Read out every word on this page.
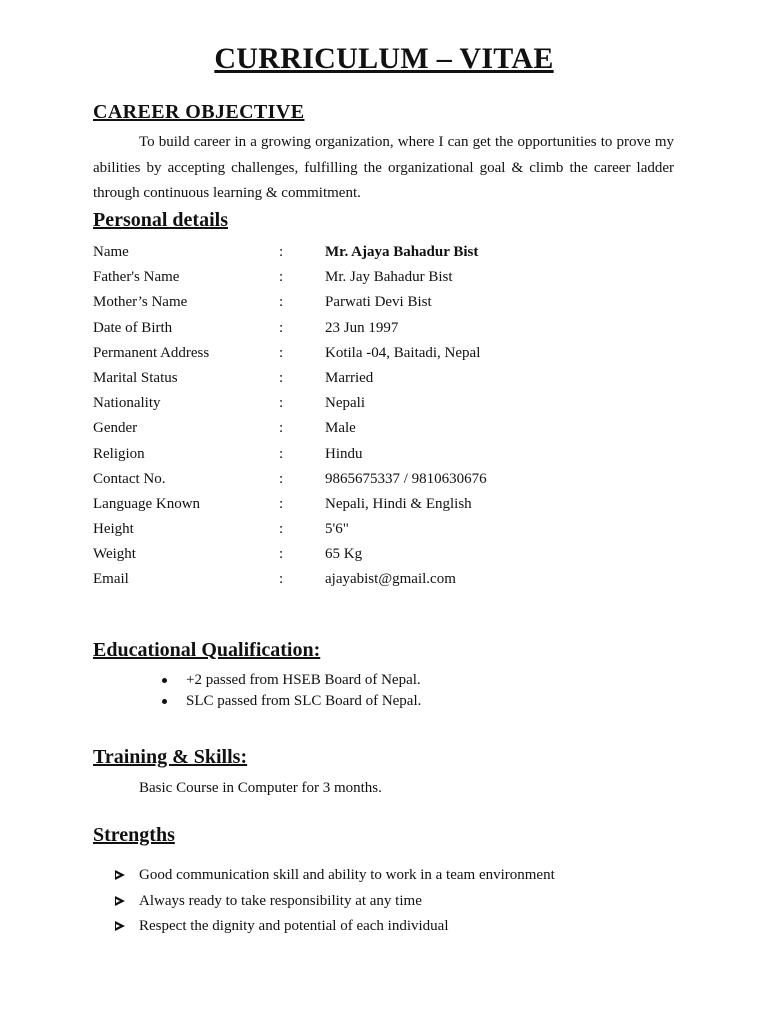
CURRICULUM – VITAE
CAREER OBJECTIVE

To build career in a growing organization, where I can get the opportunities to prove my abilities by accepting challenges, fulfilling the organizational goal & climb the career ladder through continuous learning & commitment.

Personal details
Name	:	Mr. Ajaya Bahadur Bist
Father's Name	:	Mr. Jay Bahadur Bist
Mother’s Name	:	Parwati Devi Bist
Date of Birth	:	23 Jun 1997
Permanent Address	:	Kotila -04, Baitadi, Nepal
Marital Status	:	Married
Nationality	:	Nepali
Gender	:	Male
Religion	:	Hindu
Contact No.	:	9865675337 / 9810630676
Language Known	:	Nepali, Hindi & English
Height	:	5'6"
Weight	:	65 Kg
Email	:	ajayabist@gmail.com
Educational Qualification:
+2 passed from HSEB Board of Nepal.
SLC passed from SLC Board of Nepal.
Training & Skills:
Basic Course in Computer for 3 months.
Strengths
Good communication skill and ability to work in a team environment
Always ready to take responsibility at any time
Respect the dignity and potential of each individual
